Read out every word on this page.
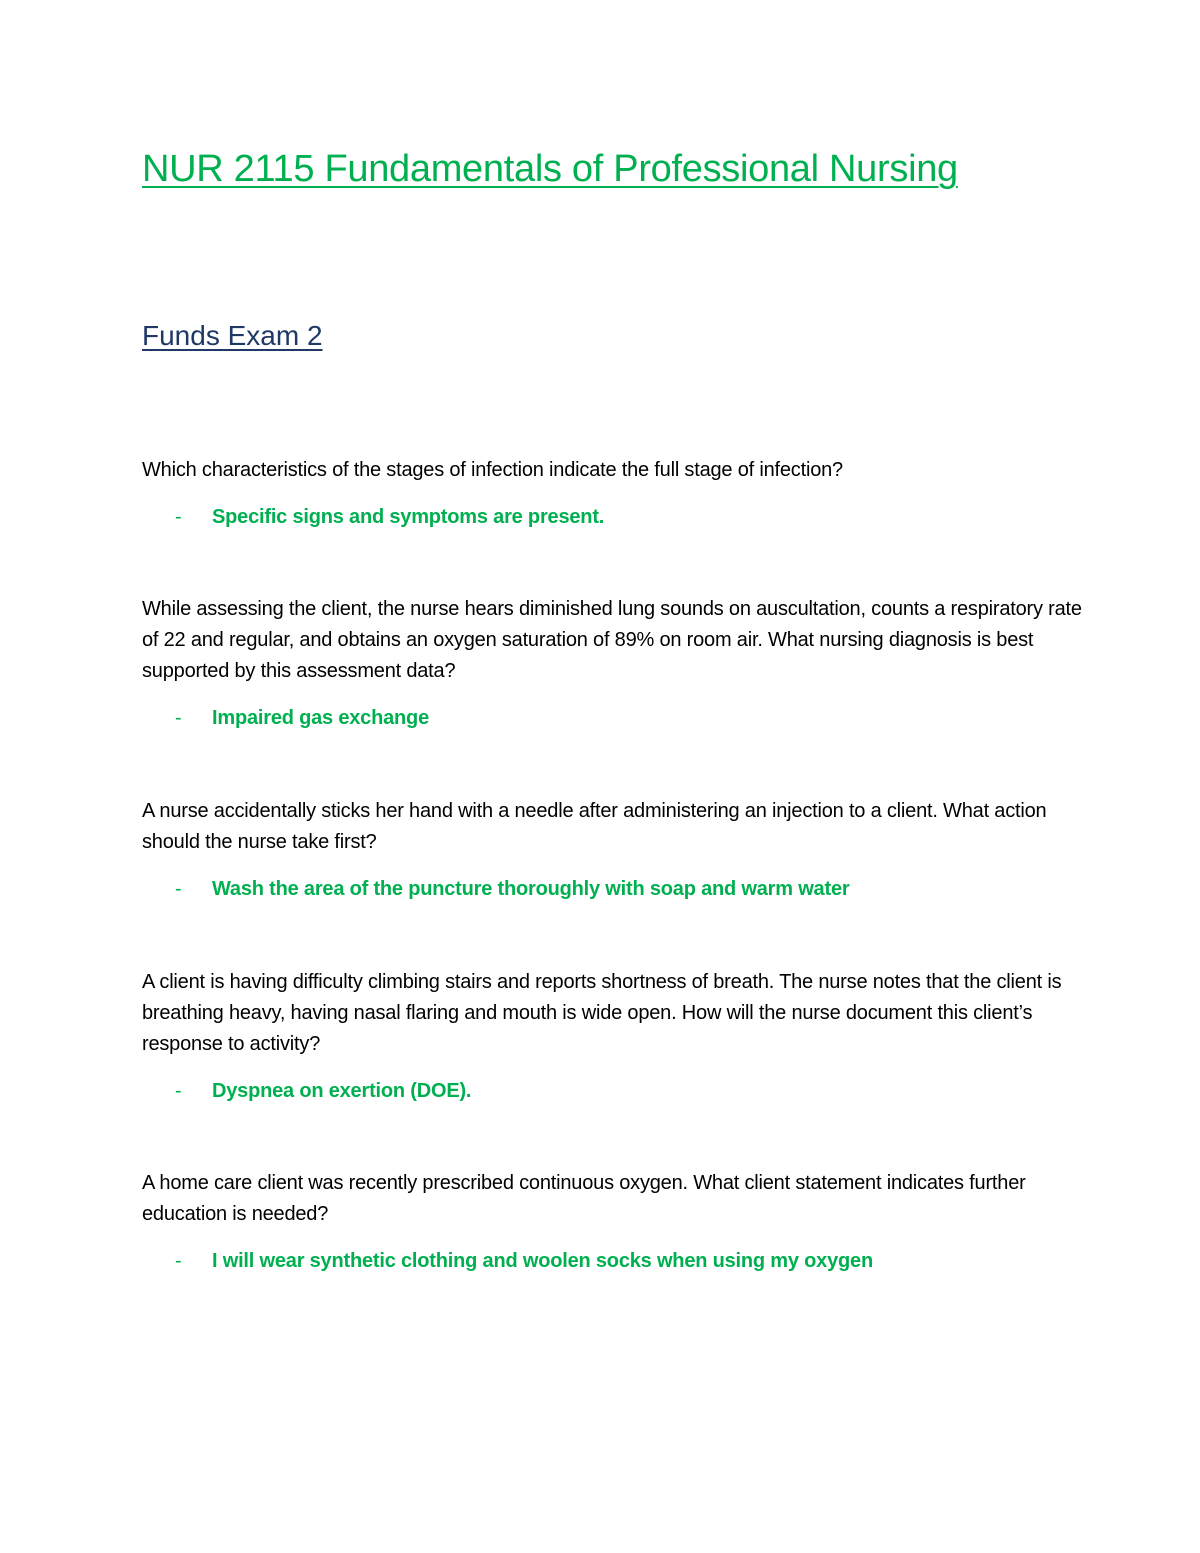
NUR 2115 Fundamentals of Professional Nursing
Funds Exam 2

Which characteristics of the stages of infection indicate the full stage of infection?

- Specific signs and symptoms are present.

While assessing the client, the nurse hears diminished lung sounds on auscultation, counts a respiratory rate of 22 and regular, and obtains an oxygen saturation of 89% on room air. What nursing diagnosis is best supported by this assessment data?

- Impaired gas exchange

A nurse accidentally sticks her hand with a needle after administering an injection to a client. What action should the nurse take first?

- Wash the area of the puncture thoroughly with soap and warm water

A client is having difficulty climbing stairs and reports shortness of breath. The nurse notes that the client is breathing heavy, having nasal flaring and mouth is wide open. How will the nurse document this client’s response to activity?

- Dyspnea on exertion (DOE).

A home care client was recently prescribed continuous oxygen. What client statement indicates further education is needed?

- I will wear synthetic clothing and woolen socks when using my oxygen
